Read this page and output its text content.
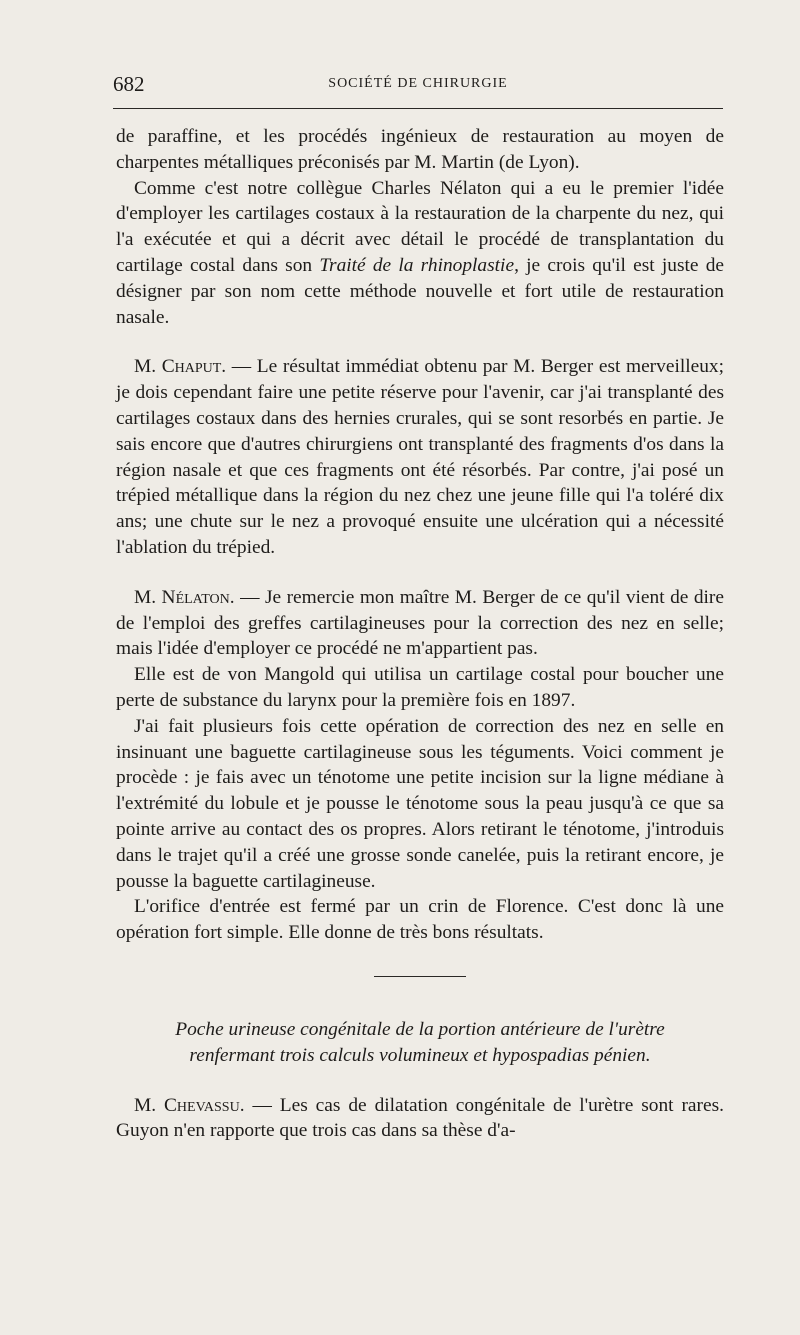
682	SOCIÉTÉ DE CHIRURGIE

de paraffine, et les procédés ingénieux de restauration au moyen de charpentes métalliques préconisés par M. Martin (de Lyon).

Comme c'est notre collègue Charles Nélaton qui a eu le premier l'idée d'employer les cartilages costaux à la restauration de la charpente du nez, qui l'a exécutée et qui a décrit avec détail le procédé de transplantation du cartilage costal dans son Traité de la rhinoplastie, je crois qu'il est juste de désigner par son nom cette méthode nouvelle et fort utile de restauration nasale.

M. Chaput. — Le résultat immédiat obtenu par M. Berger est merveilleux; je dois cependant faire une petite réserve pour l'avenir, car j'ai transplanté des cartilages costaux dans des hernies crurales, qui se sont resorbés en partie. Je sais encore que d'autres chirurgiens ont transplanté des fragments d'os dans la région nasale et que ces fragments ont été résorbés. Par contre, j'ai posé un trépied métallique dans la région du nez chez une jeune fille qui l'a toléré dix ans; une chute sur le nez a provoqué ensuite une ulcération qui a nécessité l'ablation du trépied.

M. Nélaton. — Je remercie mon maître M. Berger de ce qu'il vient de dire de l'emploi des greffes cartilagineuses pour la correction des nez en selle; mais l'idée d'employer ce procédé ne m'appartient pas.

Elle est de von Mangold qui utilisa un cartilage costal pour boucher une perte de substance du larynx pour la première fois en 1897.

J'ai fait plusieurs fois cette opération de correction des nez en selle en insinuant une baguette cartilagineuse sous les téguments. Voici comment je procède : je fais avec un ténotome une petite incision sur la ligne médiane à l'extrémité du lobule et je pousse le ténotome sous la peau jusqu'à ce que sa pointe arrive au contact des os propres. Alors retirant le ténotome, j'introduis dans le trajet qu'il a créé une grosse sonde canelée, puis la retirant encore, je pousse la baguette cartilagineuse.

L'orifice d'entrée est fermé par un crin de Florence. C'est donc là une opération fort simple. Elle donne de très bons résultats.

Poche urineuse congénitale de la portion antérieure de l'urètre
renfermant trois calculs volumineux et hypospadias pénien.

M. Chevassu. — Les cas de dilatation congénitale de l'urètre sont rares. Guyon n'en rapporte que trois cas dans sa thèse d'a-
